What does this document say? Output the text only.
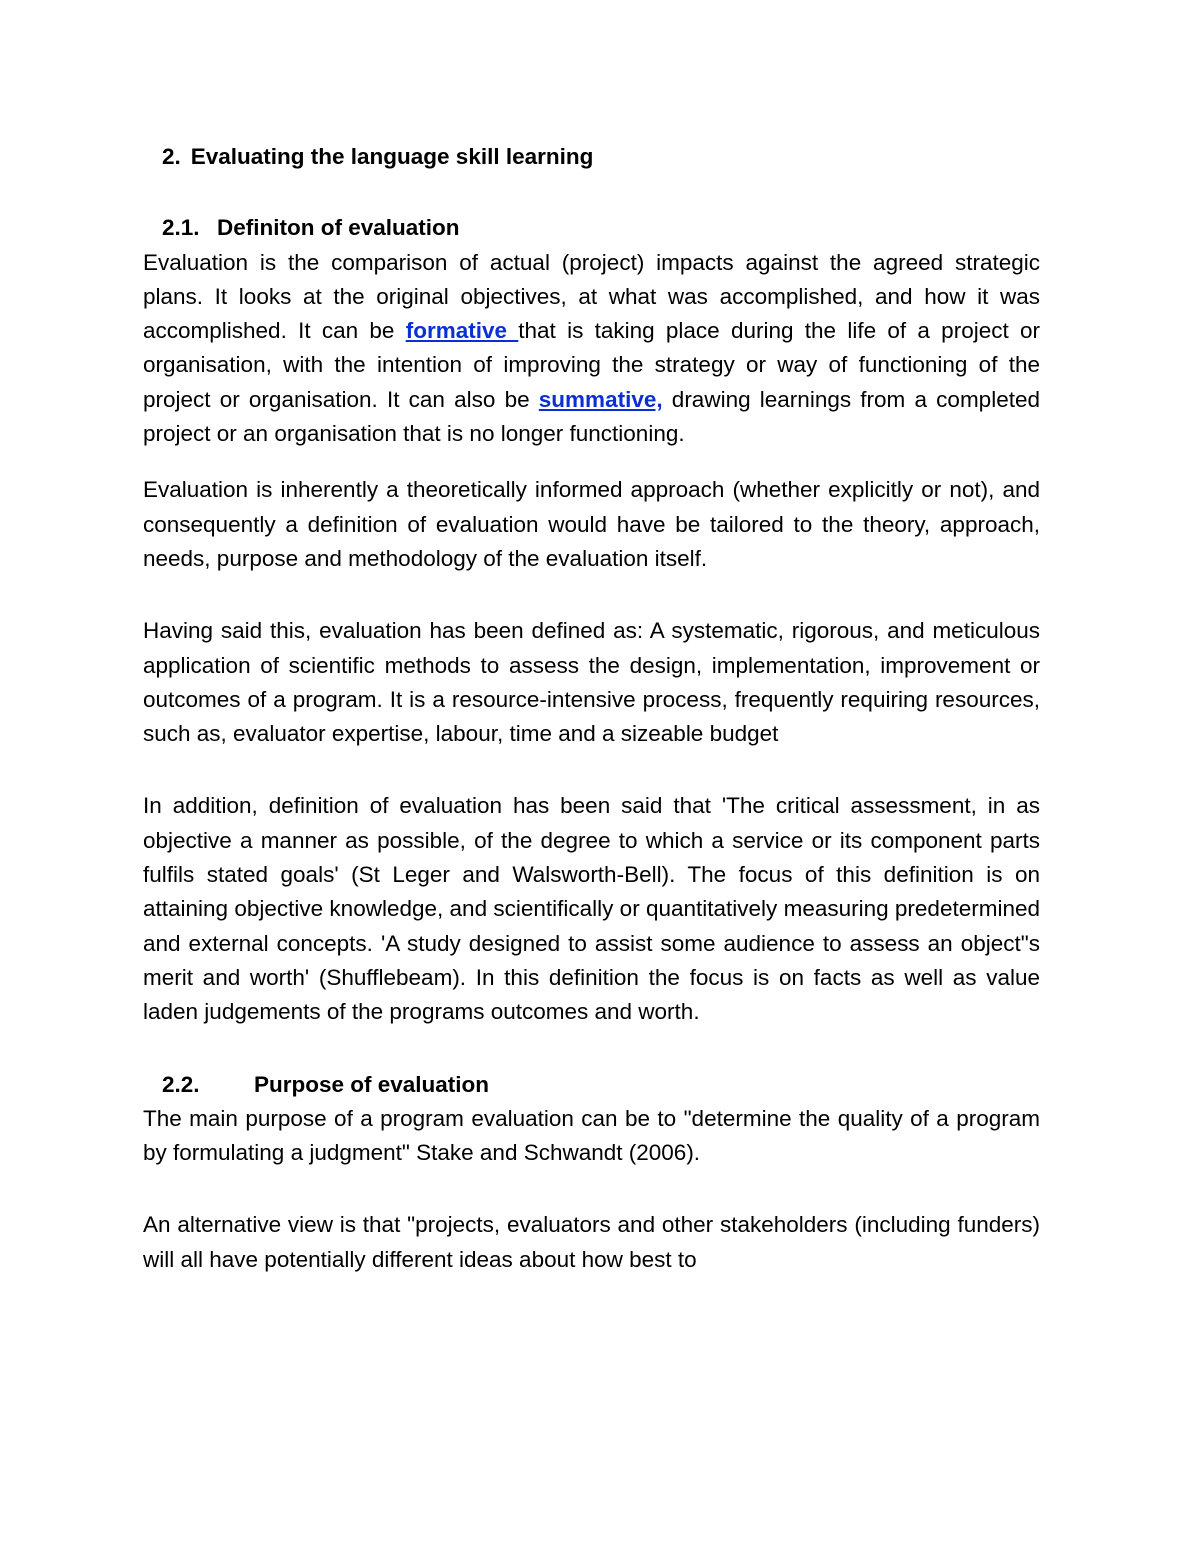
2. Evaluating the language skill learning
2.1. Definiton of evaluation

Evaluation is the comparison of actual (project) impacts against the agreed strategic plans. It looks at the original objectives, at what was accomplished, and how it was accomplished. It can be formative that is taking place during the life of a project or organisation, with the intention of improving the strategy or way of functioning of the project or organisation. It can also be summative, drawing learnings from a completed project or an organisation that is no longer functioning.

Evaluation is inherently a theoretically informed approach (whether explicitly or not), and consequently a definition of evaluation would have be tailored to the theory, approach, needs, purpose and methodology of the evaluation itself.

Having said this, evaluation has been defined as: A systematic, rigorous, and meticulous application of scientific methods to assess the design, implementation, improvement or outcomes of a program. It is a resource-intensive process, frequently requiring resources, such as, evaluator expertise, labour, time and a sizeable budget

In addition, definition of evaluation has been said that 'The critical assessment, in as objective a manner as possible, of the degree to which a service or its component parts fulfils stated goals' (St Leger and Walsworth-Bell). The focus of this definition is on attaining objective knowledge, and scientifically or quantitatively measuring predetermined and external concepts. 'A study designed to assist some audience to assess an object"s merit and worth' (Shufflebeam). In this definition the focus is on facts as well as value laden judgements of the programs outcomes and worth.

2.2.	Purpose of evaluation

The main purpose of a program evaluation can be to "determine the quality of a program by formulating a judgment" Stake and Schwandt (2006).

An alternative view is that "projects, evaluators and other stakeholders (including funders) will all have potentially different ideas about how best to
